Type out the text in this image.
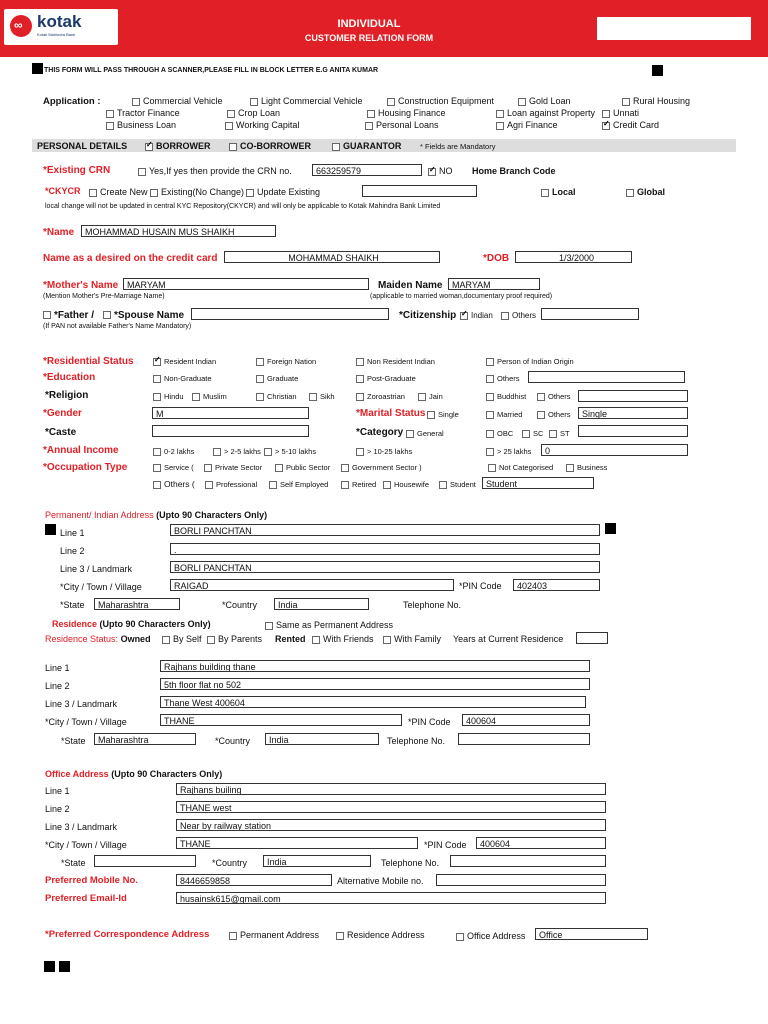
∞ kotak
Kotak Mahindra Bank
INDIVIDUAL
CUSTOMER RELATION FORM
THIS FORM WILL PASS THROUGH A SCANNER,PLEASE FILL IN BLOCK LETTER E.G ANITA KUMAR
Application :	Commercial Vehicle	Light Commercial Vehicle	Construction Equipment	Gold Loan	Rural Housing
Tractor Finance	Crop Loan	Housing Finance	Loan against Property	Unnati
Business Loan	Working Capital	Personal Loans	Agri Finance ✓	Credit Card
PERSONAL DETAILS ✓	BORROWER	CO-BORROWER	GUARANTOR * Fields are Mandatory
*Existing CRN	Yes,If yes then provide the CRN no.	663259579 ✓	NO Home Branch Code
*CKYCR	Create New	Existing(No Change)	Update Existing	Local	Global
local change will not be updated in central KYC Repository(CKYCR) and will only be applicable to Kotak Mahindra Bank Limited
*Name	MOHAMMAD HUSAIN MUS SHAIKH
Name as a desired on the credit card	MOHAMMAD SHAIKH	*DOB	1/3/2000
*Mother's Name MARYAM
(Mention Mother's Pre-Marriage Name)
Maiden Name	MARYAM
(applicable to married woman,documentary proof required)
*Father /	*Spouse Name
(If PAN not available Father's Name Mandatory)
*Citizenship ✓	Indian	Others
*Residential Status ✓	Resident Indian	Foreign Nation	Non Resident Indian	Person of Indian Origin
*Education	Non-Graduate	Graduate	Post-Graduate	Others
*Religion	Hindu	Muslim	Christian	Sikh	Zoroastrian	Jain	Buddhist	Others
*Gender	M	*Marital Status	Single	Married	Others	Single
*Caste	*Category	General	OBC	SC	ST
*Annual Income	0-2 lakhs	> 2-5 lakhs	> 5-10 lakhs	> 10-25 lakhs	> 25 lakhs	0
*Occupation Type	Service (	Private Sector	Public Sector	Government Sector )	Not Categorised	Business
Others (	Professional	Self Employed	Retired	Housewife	Student	Student
Permanent/ Indian Address (Upto 90 Characters Only)
Line 1	BORLI PANCHTAN
Line 2	.
Line 3 / Landmark	BORLI PANCHTAN
*City / Town / Village	RAIGAD	*PIN Code	402403
*State	Maharashtra	*Country	India	Telephone No.
Residence (Upto 90 Characters Only)	Same as Permanent Address
Residence Status: Owned	By Self	By Parents Rented	With Friends	With Family Years at Current Residence
Line 1	Rajhans building thane
Line 2	5th floor flat no 502
Line 3 / Landmark	Thane West 400604
*City / Town / Village	THANE	*PIN Code	400604
*State	Maharashtra	*Country	India	Telephone No.
Office Address (Upto 90 Characters Only)
Line 1	Rajhans builing
Line 2	THANE west
Line 3 / Landmark	Near by railway station
*City / Town / Village	THANE	*PIN Code	400604
*State	*Country	India	Telephone No.
Preferred Mobile No.	8446659858	Alternative Mobile no.
Preferred Email-Id	husainsk615@gmail.com
*Preferred Correspondence Address	Permanent Address	Residence Address	Office Address	Office
